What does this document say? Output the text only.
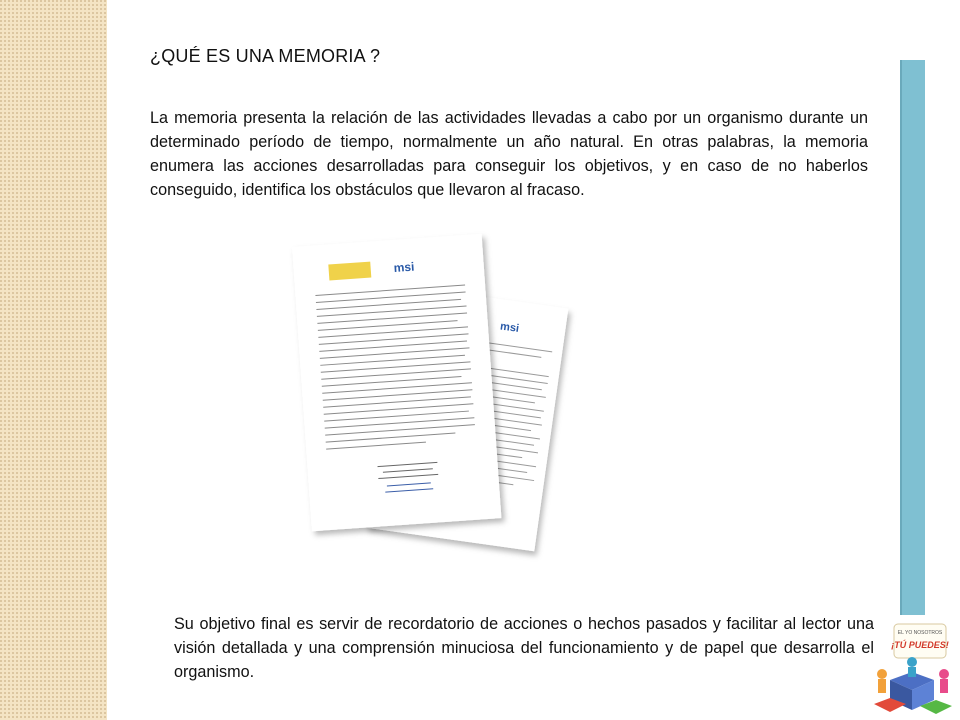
¿QUÉ ES UNA MEMORIA ?
La memoria presenta la relación de las actividades llevadas a cabo por un organismo durante un determinado período de tiempo, normalmente un año natural. En otras palabras, la memoria enumera las acciones desarrolladas para conseguir los objetivos, y en caso de no haberlos conseguido, identifica los obstáculos que llevaron al fracaso.
msi
msi
Su objetivo final es servir de recordatorio de acciones o hechos pasados y facilitar al lector una visión detallada y una comprensión minuciosa del funcionamiento y de papel que desarrolla el organismo.
EL YO NOSOTROS
¡TÚ PUEDES!
